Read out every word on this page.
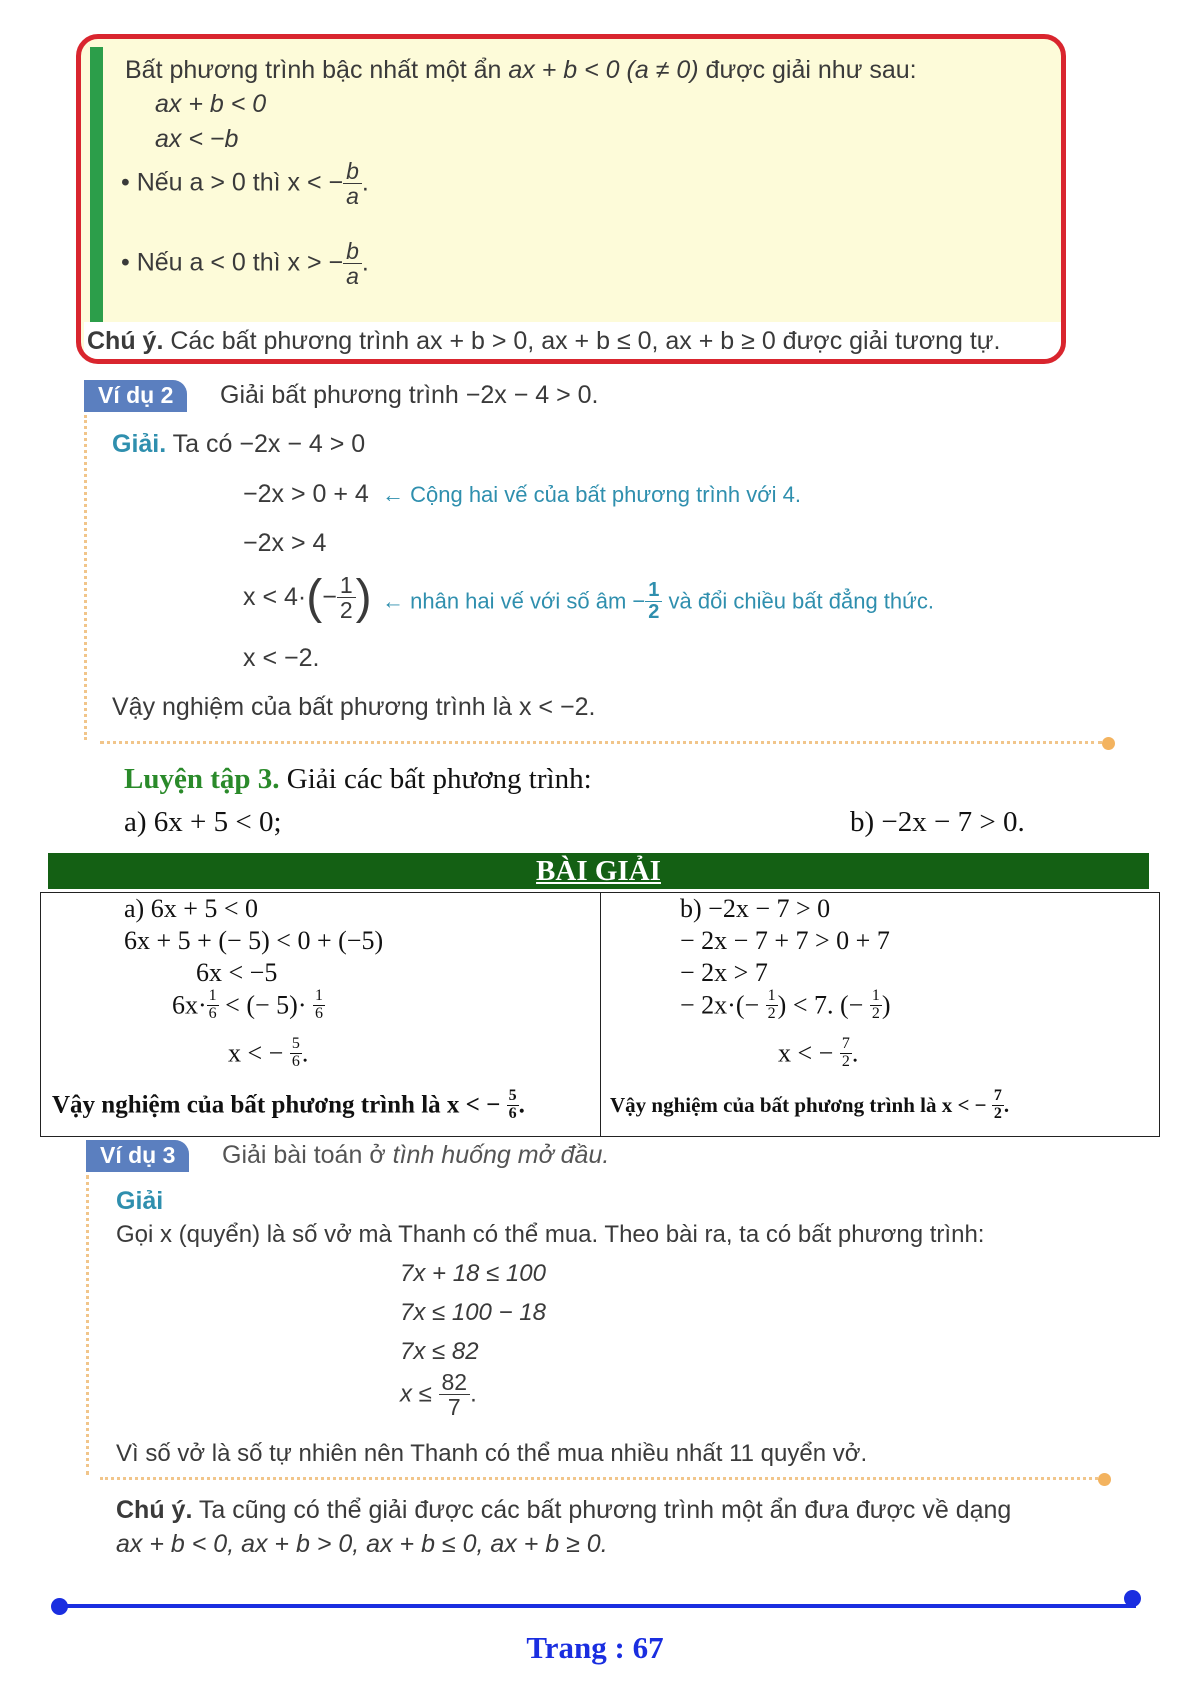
Bất phương trình bậc nhất một ẩn ax + b < 0 (a ≠ 0) được giải như sau:
ax + b < 0
ax < −b
• Nếu a > 0 thì x < − $\frac{b}{a}$ .
• Nếu a < 0 thì x > − $\frac{b}{a}$ .
Chú ý. Các bất phương trình ax + b > 0, ax + b ≤ 0, ax + b ≥ 0 được giải tương tự.
Ví dụ 2	Giải bất phương trình −2x − 4 > 0.
Giải. Ta có −2x − 4 > 0
−2x > 0 + 4 ← Cộng hai vế của bất phương trình với 4.
−2x > 4
$x < 4\cdot(- \frac{1}{2}$ ) ← nhân hai vế với số âm − $\frac{1}{2}$ và đổi chiều bất đẳng thức.
x < −2.
Vậy nghiệm của bất phương trình là x < −2.
Luyện tập 3. Giải các bất phương trình:
a) 6x + 5 < 0;	b) −2x − 7 > 0.
BÀI GIẢI
a) 6x + 5 < 0
6x + 5 + (− 5) < 0 + (−5)
6x < −5
$6x\cdot \frac{1}{6}$ < (− $5)\cdot \frac{1}{6}$
x < − $\frac{5}{6}$ .
Vậy nghiệm của bất phương trình là x < − $\frac{5}{6}$ .
b) −2x − 7 > 0
− 2x − 7 + 7 > 0 + 7
− 2x > 7
− $2x\cdot(- \frac{1}{2}$ ) < 7. (− $\frac{1}{2}$ )
x < − $\frac{7}{2}$ .
Vậy nghiệm của bất phương trình là x < − $\frac{7}{2}$ .
Ví dụ 3	Giải bài toán ở tình huống mở đầu.
Giải
Gọi x (quyển) là số vở mà Thanh có thể mua. Theo bài ra, ta có bất phương trình:
7x + 18 ≤ 100
7x ≤ 100 − 18
7x ≤ 82
$x \le \frac{82}{7}$ .
Vì số vở là số tự nhiên nên Thanh có thể mua nhiều nhất 11 quyển vở.
Chú ý. Ta cũng có thể giải được các bất phương trình một ẩn đưa được về dạng
ax + b < 0, ax + b > 0, ax + b ≤ 0, ax + b ≥ 0.
Trang : 67
